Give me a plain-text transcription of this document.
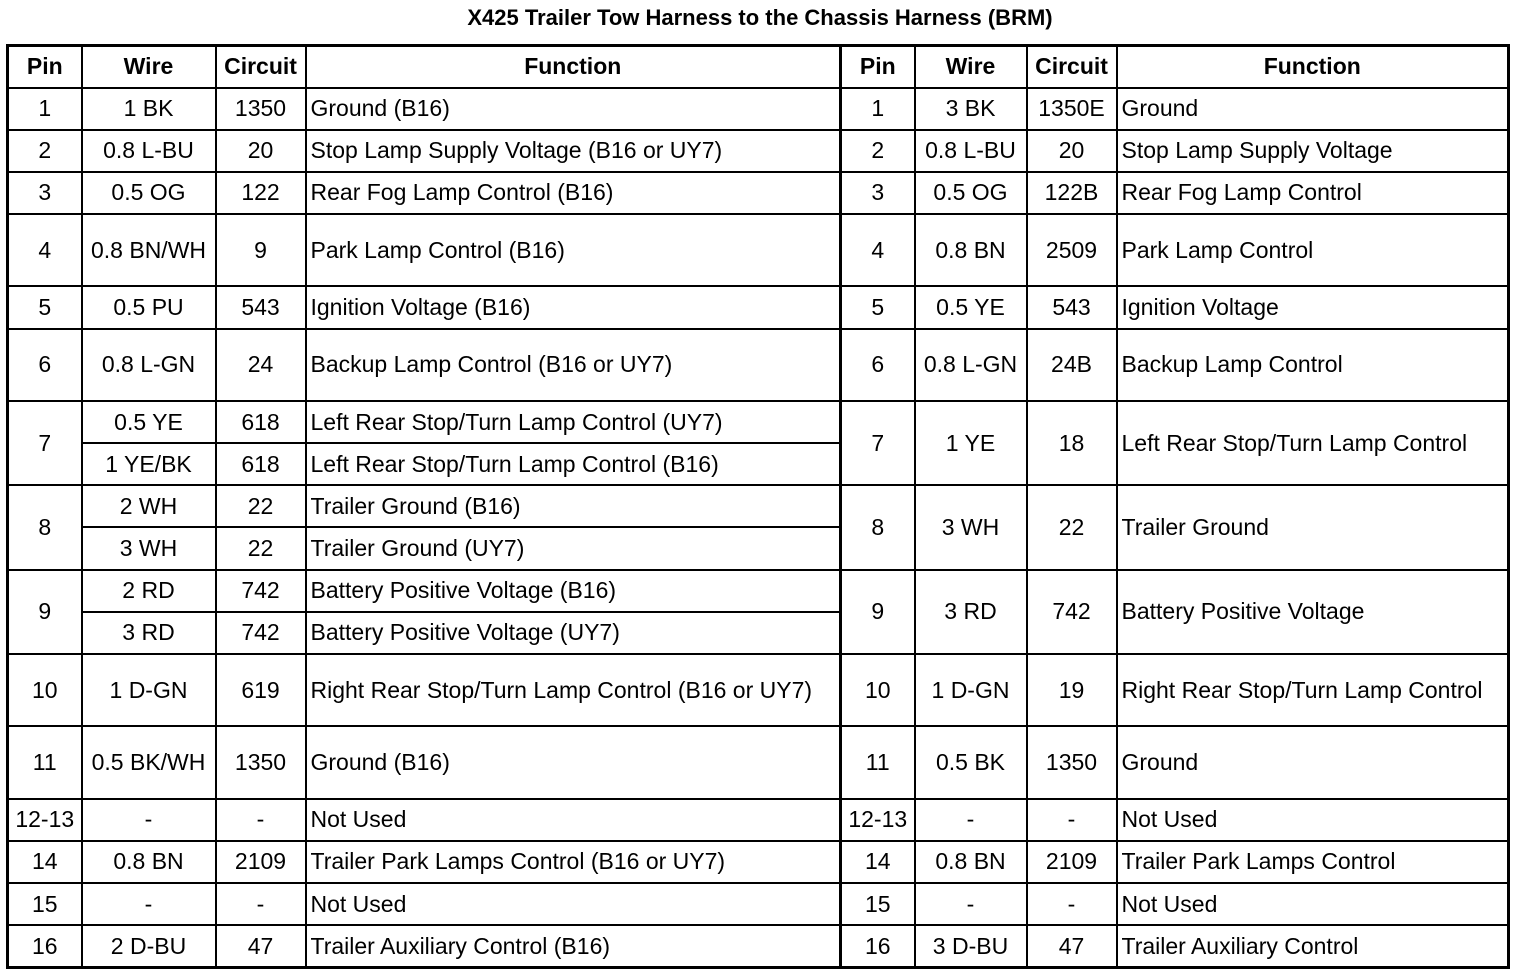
X425 Trailer Tow Harness to the Chassis Harness (BRM)
Pin	Wire	Circuit	Function	Pin	Wire	Circuit	Function
1	1 BK	1350	Ground (B16)	1	3 BK	1350E	Ground
2	0.8 L-BU	20	Stop Lamp Supply Voltage (B16 or UY7)	2	0.8 L-BU	20	Stop Lamp Supply Voltage
3	0.5 OG	122	Rear Fog Lamp Control (B16)	3	0.5 OG	122B	Rear Fog Lamp Control
4	0.8 BN/WH	9	Park Lamp Control (B16)	4	0.8 BN	2509	Park Lamp Control
5	0.5 PU	543	Ignition Voltage (B16)	5	0.5 YE	543	Ignition Voltage
6	0.8 L-GN	24	Backup Lamp Control (B16 or UY7)	6	0.8 L-GN	24B	Backup Lamp Control
7	0.5 YE	618	Left Rear Stop/Turn Lamp Control (UY7)	7	1 YE	18	Left Rear Stop/Turn Lamp Control
	1 YE/BK	618	Left Rear Stop/Turn Lamp Control (B16)				
8	2 WH	22	Trailer Ground (B16)	8	3 WH	22	Trailer Ground
	3 WH	22	Trailer Ground (UY7)				
9	2 RD	742	Battery Positive Voltage (B16)	9	3 RD	742	Battery Positive Voltage
	3 RD	742	Battery Positive Voltage (UY7)				
10	1 D-GN	619	Right Rear Stop/Turn Lamp Control (B16 or UY7)	10	1 D-GN	19	Right Rear Stop/Turn Lamp Control
11	0.5 BK/WH	1350	Ground (B16)	11	0.5 BK	1350	Ground
12-13	-	-	Not Used	12-13	-	-	Not Used
14	0.8 BN	2109	Trailer Park Lamps Control (B16 or UY7)	14	0.8 BN	2109	Trailer Park Lamps Control
15	-	-	Not Used	15	-	-	Not Used
16	2 D-BU	47	Trailer Auxiliary Control (B16)	16	3 D-BU	47	Trailer Auxiliary Control
